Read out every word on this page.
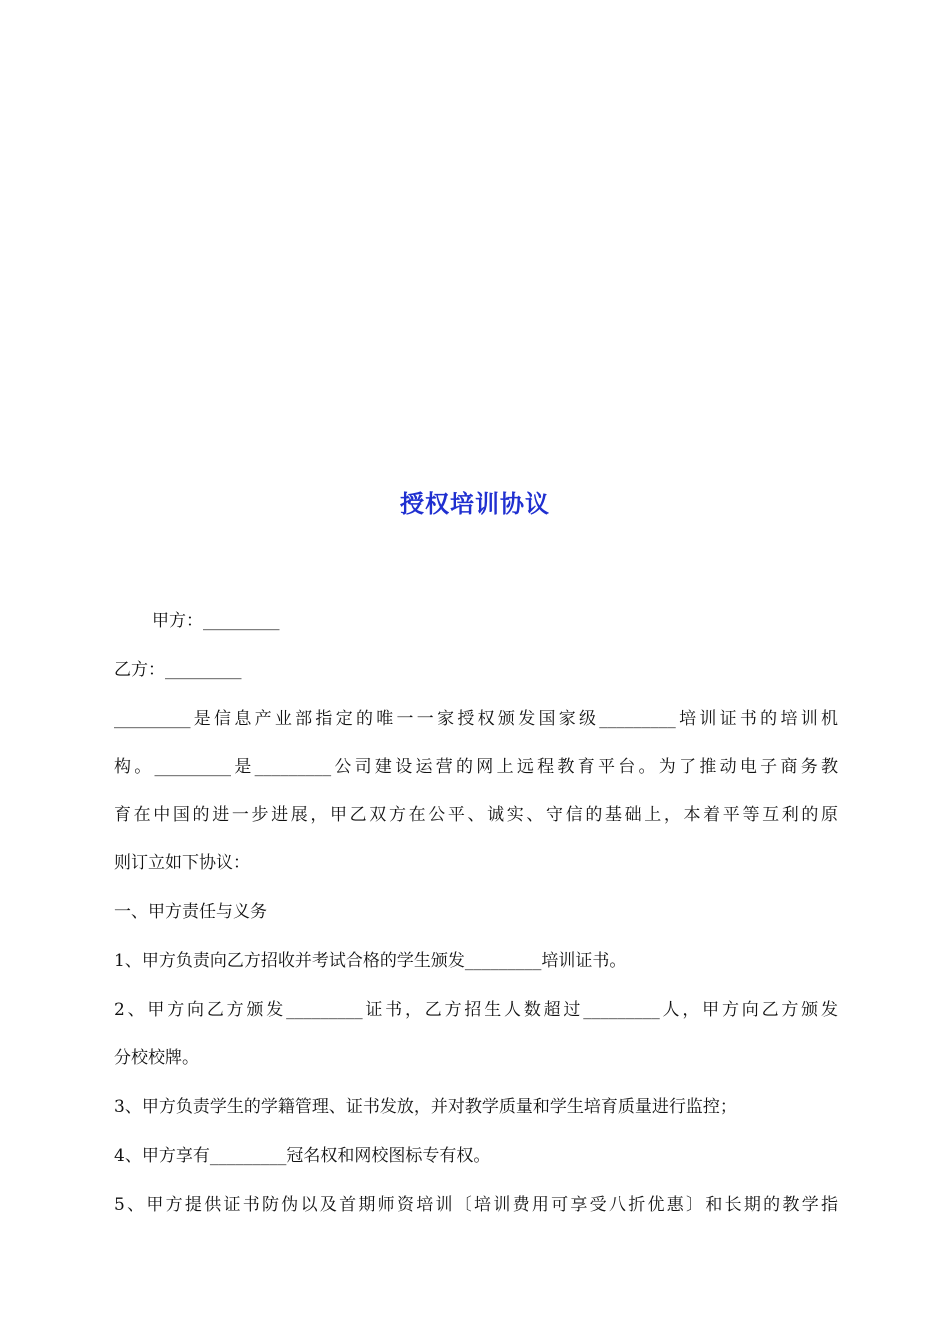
授权培训协议
甲方：_________
乙方：_________
_________是信息产业部指定的唯一一家授权颁发国家级_________培训证书的培训机
构。_________是_________公司建设运营的网上远程教育平台。为了推动电子商务教
育在中国的进一步进展，甲乙双方在公平、诚实、守信的基础上，本着平等互利的原
则订立如下协议：
一、甲方责任与义务
1、甲方负责向乙方招收并考试合格的学生颁发_________培训证书。
2、甲方向乙方颁发_________证书，乙方招生人数超过_________人，甲方向乙方颁发
分校校牌。
3、甲方负责学生的学籍管理、证书发放，并对教学质量和学生培育质量进行监控；
4、甲方享有_________冠名权和网校图标专有权。
5、甲方提供证书防伪以及首期师资培训〔培训费用可享受八折优惠〕和长期的教学指
